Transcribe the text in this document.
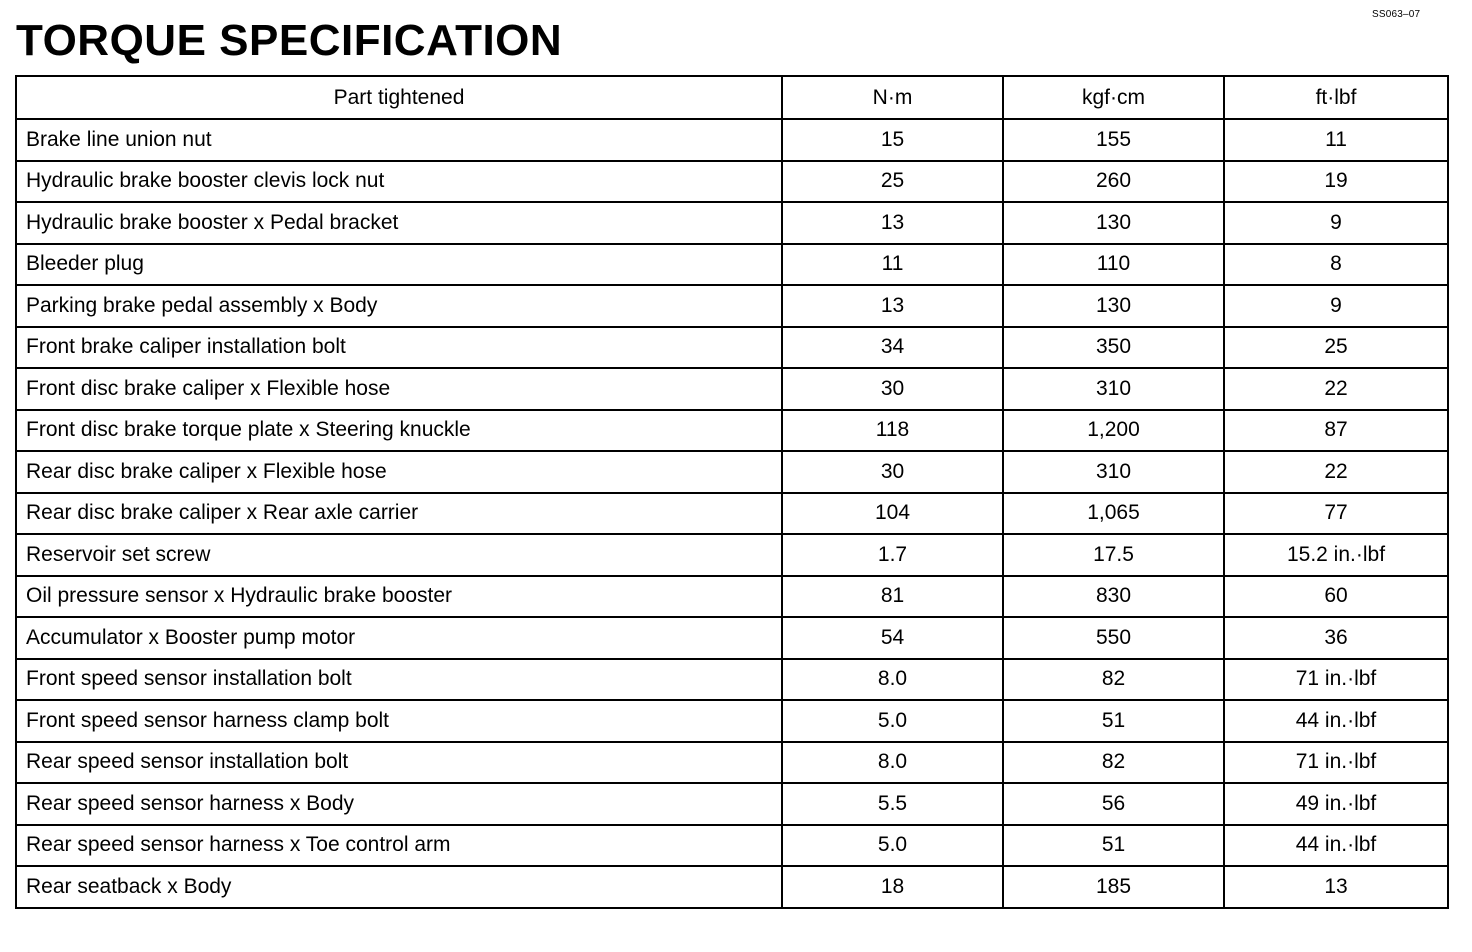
SS063–07
TORQUE SPECIFICATION
Part tightened	N·m	kgf·cm	ft·lbf
Brake line union nut	15	155	11
Hydraulic brake booster clevis lock nut	25	260	19
Hydraulic brake booster x Pedal bracket	13	130	9
Bleeder plug	11	110	8
Parking brake pedal assembly x Body	13	130	9
Front brake caliper installation bolt	34	350	25
Front disc brake caliper x Flexible hose	30	310	22
Front disc brake torque plate x Steering knuckle	118	1,200	87
Rear disc brake caliper x Flexible hose	30	310	22
Rear disc brake caliper x Rear axle carrier	104	1,065	77
Reservoir set screw	1.7	17.5	15.2 in.·lbf
Oil pressure sensor x Hydraulic brake booster	81	830	60
Accumulator x Booster pump motor	54	550	36
Front speed sensor installation bolt	8.0	82	71 in.·lbf
Front speed sensor harness clamp bolt	5.0	51	44 in.·lbf
Rear speed sensor installation bolt	8.0	82	71 in.·lbf
Rear speed sensor harness x Body	5.5	56	49 in.·lbf
Rear speed sensor harness x Toe control arm	5.0	51	44 in.·lbf
Rear seatback x Body	18	185	13
